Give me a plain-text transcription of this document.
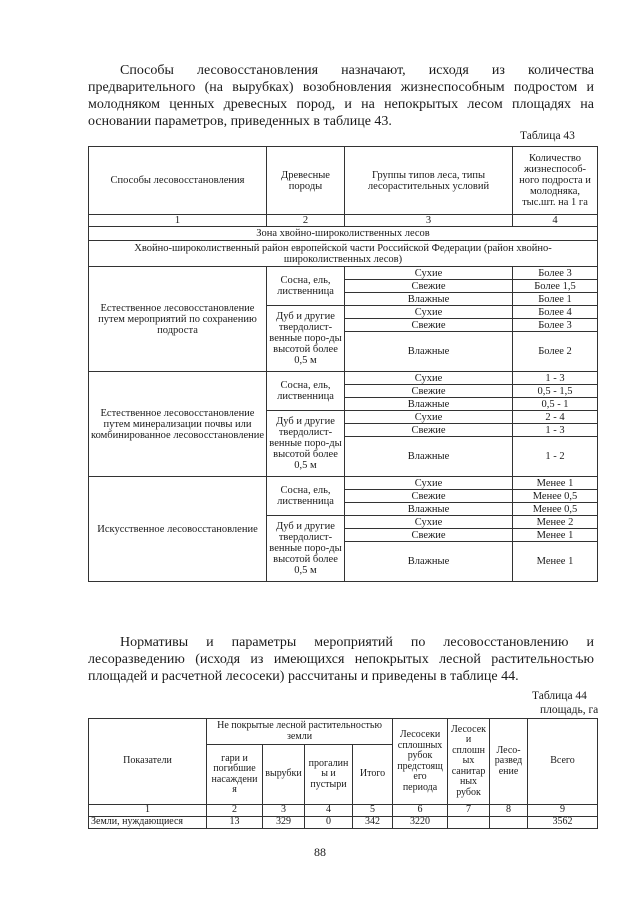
Способы лесовосстановления назначают, исходя из количества предварительного (на вырубках) возобновления жизнеспособным подростом и молодняком ценных древесных пород, и на непокрытых лесом площадях на основании параметров, приведенных в таблице 43.

Таблица 43
Способы лесовосстановления	Древесные породы	Группы типов леса, типы лесорастительных условий	Количество жизнеспособ-ного подроста и молодняка, тыс.шт. на 1 га
1	2	3	4
Зона хвойно-широколиственных лесов			
Хвойно-широколиственный район европейской части Российской Федерации (район хвойно-широколиственных лесов)			
Естественное лесовосстановление путем мероприятий по сохранению подроста	Сосна, ель, лиственница	Сухие	Более 3
		Свежие	Более 1,5
		Влажные	Более 1
	Дуб и другие твердолист-венные поро-ды высотой более 0,5 м	Сухие	Более 4
		Свежие	Более 3
		Влажные	Более 2
Естественное лесовосстановление путем минерализации почвы или комбинированное лесовосстановление	Сосна, ель, лиственница	Сухие	1 - 3
		Свежие	0,5 - 1,5
		Влажные	0,5 - 1
	Дуб и другие твердолист-венные поро-ды высотой более 0,5 м	Сухие	2 - 4
		Свежие	1 - 3
		Влажные	1 - 2
Искусственное лесовосстановление	Сосна, ель, лиственница	Сухие	Менее 1
		Свежие	Менее 0,5
		Влажные	Менее 0,5
	Дуб и другие твердолист-венные поро-ды высотой более 0,5 м	Сухие	Менее 2
		Свежие	Менее 1
		Влажные	Менее 1

Нормативы и параметры мероприятий по лесовосстановлению и лесоразведению (исходя из имеющихся непокрытых лесной растительностью площадей и расчетной лесосеки) рассчитаны и приведены в таблице 44.

Таблица 44
площадь, га
Показатели	Не покрытые лесной растительностью земли				Лесосеки сплошных рубок предстоящ его периода	Лесосек и сплошн ых санитар ных рубок	Лесо-развед ение	Всего
	гари и погибшие насаждени я	вырубки	прогалин ы и пустыри	Итого				
1	2	3	4	5	6	7	8	9
Земли, нуждающиеся	13	329	0	342	3220			3562
88
